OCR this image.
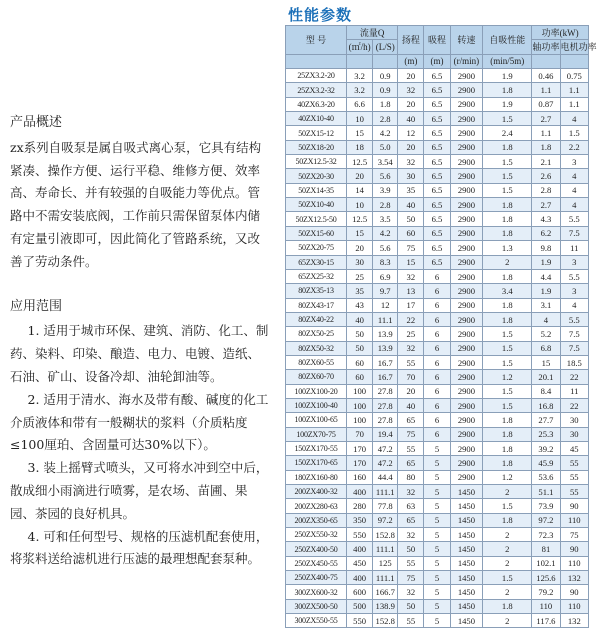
性能参数
产品概述

zx系列自吸泵是属自吸式离心泵，它具有结构紧凑、操作方便、运行平稳、维修方便、效率高、寿命长、并有较强的自吸能力等优点。管路中不需安装底阀，工作前只需保留泵体内储有定量引液即可，因此简化了管路系统，又改善了劳动条件。

应用范围

1. 适用于城市环保、建筑、消防、化工、制药、染料、印染、酿造、电力、电镀、造纸、石油、矿山、设备冷却、油轮卸油等。

2. 适用于清水、海水及带有酸、碱度的化工介质液体和带有一般糊状的浆料（介质粘度≤100厘珀、含固量可达30%以下）。

3. 装上摇臂式喷头，又可将水冲到空中后，散成细小雨滴进行喷雾，是农场、苗圃、果园、茶园的良好机具。

4. 可和任何型号、规格的压滤机配套使用，将浆料送给滤机进行压滤的最理想配套泵种。

型 号	流量Q		扬程	吸程	转速	自吸性能	功率(kW)	
	(㎡/h)	(L/S)					轴功率	电机功率
			(m)	(m)	(r/min)	(min/5m)		
25ZX3.2-20	3.2	0.9	20	6.5	2900	1.9	0.46	0.75
25ZX3.2-32	3.2	0.9	32	6.5	2900	1.8	1.1	1.1
40ZX6.3-20	6.6	1.8	20	6.5	2900	1.9	0.87	1.1
40ZX10-40	10	2.8	40	6.5	2900	1.5	2.7	4
50ZX15-12	15	4.2	12	6.5	2900	2.4	1.1	1.5
50ZX18-20	18	5.0	20	6.5	2900	1.8	1.8	2.2
50ZX12.5-32	12.5	3.54	32	6.5	2900	1.5	2.1	3
50ZX20-30	20	5.6	30	6.5	2900	1.5	2.6	4
50ZX14-35	14	3.9	35	6.5	2900	1.5	2.8	4
50ZX10-40	10	2.8	40	6.5	2900	1.8	2.7	4
50ZX12.5-50	12.5	3.5	50	6.5	2900	1.8	4.3	5.5
50ZX15-60	15	4.2	60	6.5	2900	1.8	6.2	7.5
50ZX20-75	20	5.6	75	6.5	2900	1.3	9.8	11
65ZX30-15	30	8.3	15	6.5	2900	2	1.9	3
65ZX25-32	25	6.9	32	6	2900	1.8	4.4	5.5
80ZX35-13	35	9.7	13	6	2900	3.4	1.9	3
80ZX43-17	43	12	17	6	2900	1.8	3.1	4
80ZX40-22	40	11.1	22	6	2900	1.8	4	5.5
80ZX50-25	50	13.9	25	6	2900	1.5	5.2	7.5
80ZX50-32	50	13.9	32	6	2900	1.5	6.8	7.5
80ZX60-55	60	16.7	55	6	2900	1.5	15	18.5
80ZX60-70	60	16.7	70	6	2900	1.2	20.1	22
100ZX100-20	100	27.8	20	6	2900	1.5	8.4	11
100ZX100-40	100	27.8	40	6	2900	1.5	16.8	22
100ZX100-65	100	27.8	65	6	2900	1.8	27.7	30
100ZX70-75	70	19.4	75	6	2900	1.8	25.3	30
150ZX170-55	170	47.2	55	5	2900	1.8	39.2	45
150ZX170-65	170	47.2	65	5	2900	1.8	45.9	55
180ZX160-80	160	44.4	80	5	2900	1.2	53.6	55
200ZX400-32	400	111.1	32	5	1450	2	51.1	55
200ZX280-63	280	77.8	63	5	1450	1.5	73.9	90
200ZX350-65	350	97.2	65	5	1450	1.8	97.2	110
250ZX550-32	550	152.8	32	5	1450	2	72.3	75
250ZX400-50	400	111.1	50	5	1450	2	81	90
250ZX450-55	450	125	55	5	1450	2	102.1	110
250ZX400-75	400	111.1	75	5	1450	1.5	125.6	132
300ZX600-32	600	166.7	32	5	1450	2	79.2	90
300ZX500-50	500	138.9	50	5	1450	1.8	110	110
300ZX550-55	550	152.8	55	5	1450	2	117.6	132
